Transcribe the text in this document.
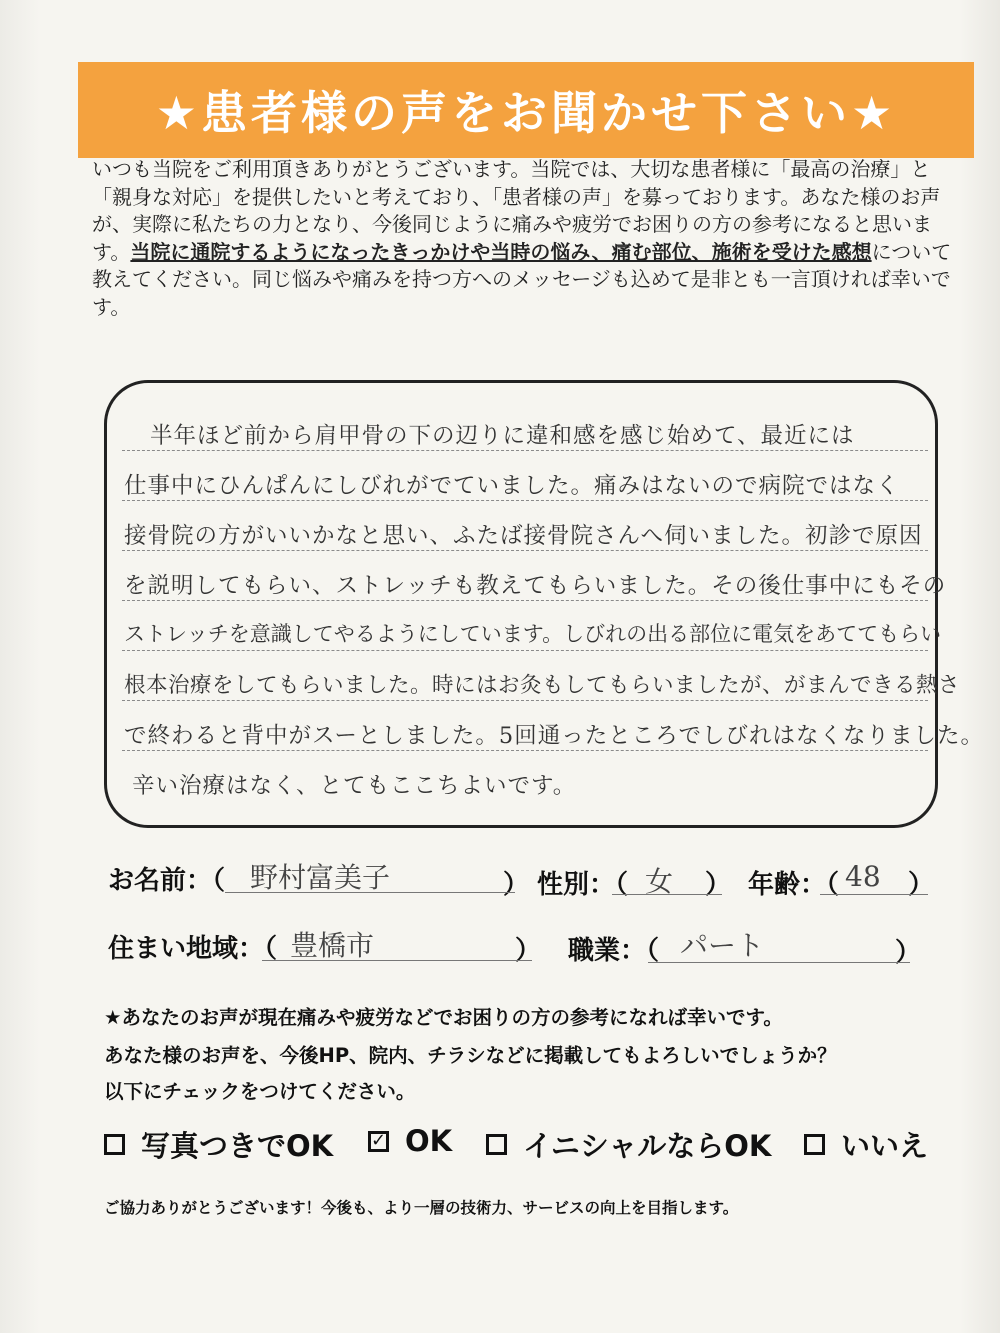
★患者様の声をお聞かせ下さい★
いつも当院をご利用頂きありがとうございます。当院では、大切な患者様に「最高の治療」と「親身な対応」を提供したいと考えており、「患者様の声」を募っております。あなた様のお声が、実際に私たちの力となり、今後同じように痛みや疲労でお困りの方の参考になると思います。当院に通院するようになったきっかけや当時の悩み、痛む部位、施術を受けた感想について教えてください。同じ悩みや痛みを持つ方へのメッセージも込めて是非とも一言頂ければ幸いです。
半年ほど前から肩甲骨の下の辺りに違和感を感じ始めて、最近には
仕事中にひんぱんにしびれがでていました。痛みはないので病院ではなく
接骨院の方がいいかなと思い、ふたば接骨院さんへ伺いました。初診で原因
を説明してもらい、ストレッチも教えてもらいました。その後仕事中にもその
ストレッチを意識してやるようにしています。しびれの出る部位に電気をあててもらい
根本治療をしてもらいました。時にはお灸もしてもらいましたが、がまんできる熱さ
で終わると背中がスーとしました。5回通ったところでしびれはなくなりました。
辛い治療はなく、とてもここちよいです。
お名前：（ 野村富美子	） 性別：（ 女 ） 年齢：（ 48 ）
住まい地域：（ 豊橋市	） 職業：（ パート	）
★あなたのお声が現在痛みや疲労などでお困りの方の参考になれば幸いです。
あなた様のお声を、今後HP、院内、チラシなどに掲載してもよろしいでしょうか？
以下にチェックをつけてください。
写真つきでOK ✓ OK イニシャルならOK いいえ
ご協力ありがとうございます！今後も、より一層の技術力、サービスの向上を目指します。
